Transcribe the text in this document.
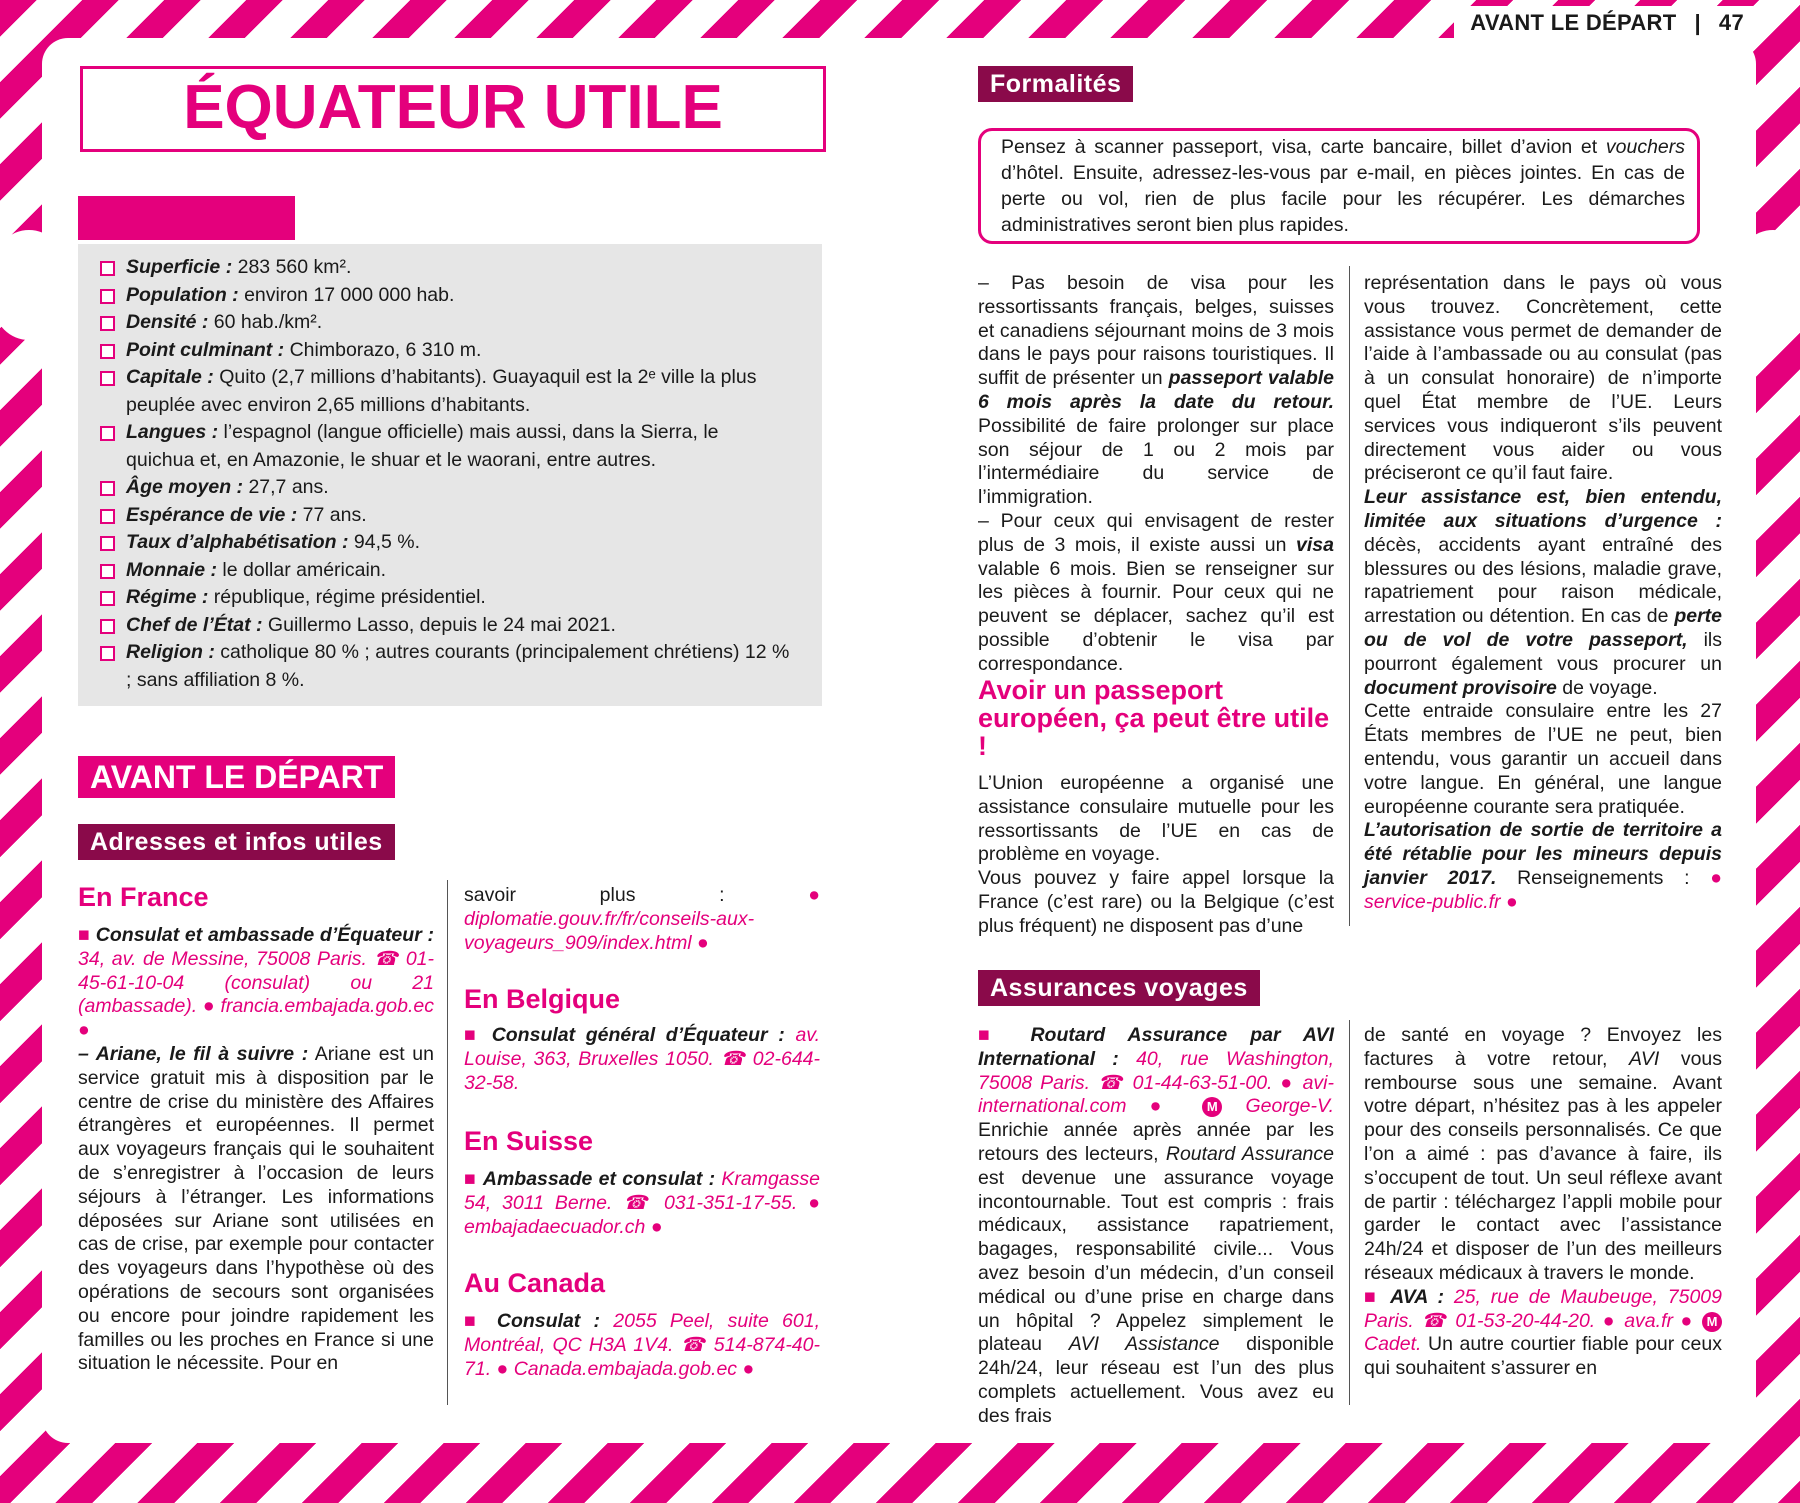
AVANT LE DÉPART | 47
ÉQUATEUR UTILE
ABC de l’Équateur
Superficie : 283 560 km².
Population : environ 17 000 000 hab.
Densité : 60 hab./km².
Point culminant : Chimborazo, 6 310 m.
Capitale : Quito (2,7 millions d’habitants). Guayaquil est la 2ᵉ ville la plus peuplée avec environ 2,65 millions d’habitants.
Langues : l’espagnol (langue officielle) mais aussi, dans la Sierra, le quichua et, en Amazonie, le shuar et le waorani, entre autres.
Âge moyen : 27,7 ans.
Espérance de vie : 77 ans.
Taux d’alphabétisation : 94,5 %.
Monnaie : le dollar américain.
Régime : république, régime présidentiel.
Chef de l’État : Guillermo Lasso, depuis le 24 mai 2021.
Religion : catholique 80 % ; autres courants (principalement chrétiens) 12 % ; sans affiliation 8 %.
AVANT LE DÉPART
Adresses et infos utiles
En France

■ Consulat et ambassade d’Équateur : 34, av. de Messine, 75008 Paris. ☎ 01-45-61-10-04 (consulat) ou 21 (ambassade). ● francia.embajada.gob.ec ●

– Ariane, le fil à suivre : Ariane est un service gratuit mis à disposition par le centre de crise du ministère des Affaires étrangères et européennes. Il permet aux voyageurs français qui le souhaitent de s’enregistrer à l’occasion de leurs séjours à l’étranger. Les informations déposées sur Ariane sont utilisées en cas de crise, par exemple pour contacter des voyageurs dans l’hypothèse où des opérations de secours sont organisées ou encore pour joindre rapidement les familles ou les proches en France si une situation le nécessite. Pour en

savoir plus : ● diplomatie.gouv.fr/fr/conseils-aux-voyageurs_909/index.html ●

En Belgique

■ Consulat général d’Équateur : av. Louise, 363, Bruxelles 1050. ☎ 02-644-32-58.

En Suisse

■ Ambassade et consulat : Kramgasse 54, 3011 Berne. ☎ 031-351-17-55. ● embajadaecuador.ch ●

Au Canada

■ Consulat : 2055 Peel, suite 601, Montréal, QC H3A 1V4. ☎ 514-874-40-71. ● Canada.embajada.gob.ec ●

Formalités
Pensez à scanner passeport, visa, carte bancaire, billet d’avion et vouchers d’hôtel. Ensuite, adressez-les-vous par e-mail, en pièces jointes. En cas de perte ou vol, rien de plus facile pour les récupérer. Les démarches administratives seront bien plus rapides.

– Pas besoin de visa pour les ressortissants français, belges, suisses et canadiens séjournant moins de 3 mois dans le pays pour raisons touristiques. Il suffit de présenter un passeport valable 6 mois après la date du retour. Possibilité de faire prolonger sur place son séjour de 1 ou 2 mois par l’intermédiaire du service de l’immigration.

– Pour ceux qui envisagent de rester plus de 3 mois, il existe aussi un visa valable 6 mois. Bien se renseigner sur les pièces à fournir. Pour ceux qui ne peuvent se déplacer, sachez qu’il est possible d’obtenir le visa par correspondance.

Avoir un passeport européen, ça peut être utile !

L’Union européenne a organisé une assistance consulaire mutuelle pour les ressortissants de l’UE en cas de problème en voyage.

Vous pouvez y faire appel lorsque la France (c’est rare) ou la Belgique (c’est plus fréquent) ne disposent pas d’une

représentation dans le pays où vous vous trouvez. Concrètement, cette assistance vous permet de demander de l’aide à l’ambassade ou au consulat (pas à un consulat honoraire) de n’importe quel État membre de l’UE. Leurs services vous indiqueront s’ils peuvent directement vous aider ou vous préciseront ce qu’il faut faire.

Leur assistance est, bien entendu, limitée aux situations d’urgence : décès, accidents ayant entraîné des blessures ou des lésions, maladie grave, rapatriement pour raison médicale, arrestation ou détention. En cas de perte ou de vol de votre passeport, ils pourront également vous procurer un document provisoire de voyage.

Cette entraide consulaire entre les 27 États membres de l’UE ne peut, bien entendu, vous garantir un accueil dans votre langue. En général, une langue européenne courante sera pratiquée.

L’autorisation de sortie de territoire a été rétablie pour les mineurs depuis janvier 2017. Renseignements : ● service-public.fr ●

Assurances voyages

■ Routard Assurance par AVI International : 40, rue Washington, 75008 Paris. ☎ 01-44-63-51-00. ● avi-international.com ● M George-V. Enrichie année après année par les retours des lecteurs, Routard Assurance est devenue une assurance voyage incontournable. Tout est compris : frais médicaux, assistance rapatriement, bagages, responsabilité civile... Vous avez besoin d’un médecin, d’un conseil médical ou d’une prise en charge dans un hôpital ? Appelez simplement le plateau AVI Assistance disponible 24h/24, leur réseau est l’un des plus complets actuellement. Vous avez eu des frais

de santé en voyage ? Envoyez les factures à votre retour, AVI vous rembourse sous une semaine. Avant votre départ, n’hésitez pas à les appeler pour des conseils personnalisés. Ce que l’on a aimé : pas d’avance à faire, ils s’occupent de tout. Un seul réflexe avant de partir : téléchargez l’appli mobile pour garder le contact avec l’assistance 24h/24 et disposer de l’un des meilleurs réseaux médicaux à travers le monde.

■ AVA : 25, rue de Maubeuge, 75009 Paris. ☎ 01-53-20-44-20. ● ava.fr ● M Cadet. Un autre courtier fiable pour ceux qui souhaitent s’assurer en
